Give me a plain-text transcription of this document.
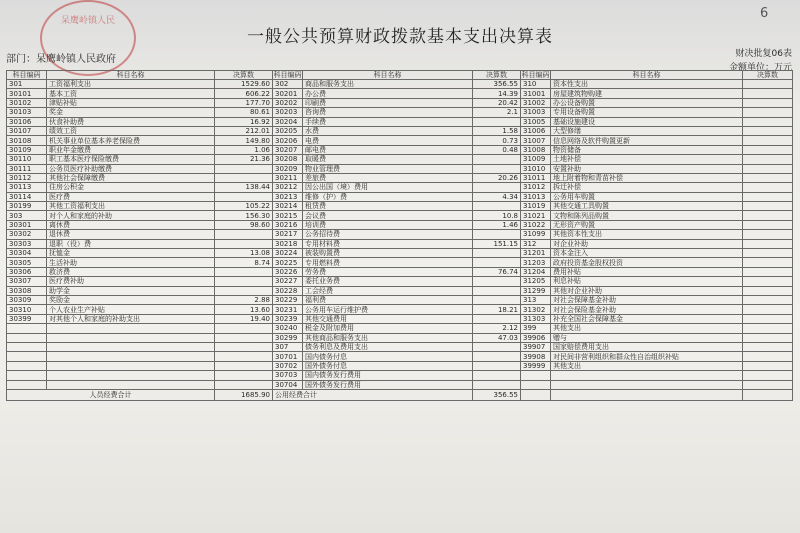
呆鹰岭镇人民	6
一般公共预算财政拨款基本支出决算表
部门：呆鹰岭镇人民政府	财决批复06表
金额单位：万元
科目编码	科目名称	决算数	科目编码	科目名称	决算数	科目编码	科目名称	决算数
301	工资福利支出	1529.60	302	商品和服务支出	356.55	310	资本性支出	
30101	基本工资	606.22	30201	办公费	14.39	31001	房屋建筑物购建	
30102	津贴补贴	177.70	30202	印刷费	20.42	31002	办公设备购置	
30103	奖金	80.61	30203	咨询费	2.1	31003	专用设备购置	
30106	伙食补助费	16.92	30204	手续费		31005	基础设施建设	
30107	绩效工资	212.01	30205	水费	1.58	31006	大型修缮	
30108	机关事业单位基本养老保险费	149.80	30206	电费	0.73	31007	信息网络及软件购置更新	
30109	职业年金缴费	1.06	30207	邮电费	0.48	31008	物资储备	
30110	职工基本医疗保险缴费	21.36	30208	取暖费		31009	土地补偿	
30111	公务员医疗补助缴费		30209	物业管理费		31010	安置补助	
30112	其他社会保障缴费		30211	差旅费	20.26	31011	地上附着物和青苗补偿	
30113	住房公积金	138.44	30212	因公出国（境）费用		31012	拆迁补偿	
30114	医疗费		30213	维修（护）费	4.34	31013	公务用车购置	
30199	其他工资福利支出	105.22	30214	租赁费		31019	其他交通工具购置	
303	对个人和家庭的补助	156.30	30215	会议费	10.8	31021	文物和陈列品购置	
30301	离休费	98.60	30216	培训费	1.46	31022	无形资产购置	
30302	退休费		30217	公务招待费		31099	其他资本性支出	
30303	退职（役）费		30218	专用材料费	151.15	312	对企业补助	
30304	抚恤金	13.08	30224	被装购置费		31201	资本金注入	
30305	生活补助	8.74	30225	专用燃料费		31203	政府投资基金股权投资	
30306	救济费		30226	劳务费	76.74	31204	费用补贴	
30307	医疗费补助		30227	委托业务费		31205	利息补贴	
30308	助学金		30228	工会经费		31299	其他对企业补助	
30309	奖励金	2.88	30229	福利费		313	对社会保障基金补助	
30310	个人农业生产补贴	13.60	30231	公务用车运行维护费	18.21	31302	对社会保险基金补助	
30399	对其他个人和家庭的补助支出	19.40	30239	其他交通费用		31303	补充全国社会保障基金	
			30240	税金及附加费用	2.12	399	其他支出	
			30299	其他商品和服务支出	47.03	39906	赠与	
			307	债务利息及费用支出		39907	国家赔偿费用支出	
			30701	国内债务付息		39908	对民间非营利组织和群众性自治组织补贴	
			30702	国外债务付息		39999	其他支出	
			30703	国内债务发行费用				
			30704	国外债务发行费用				
人员经费合计		1685.90	公用经费合计		356.55			
